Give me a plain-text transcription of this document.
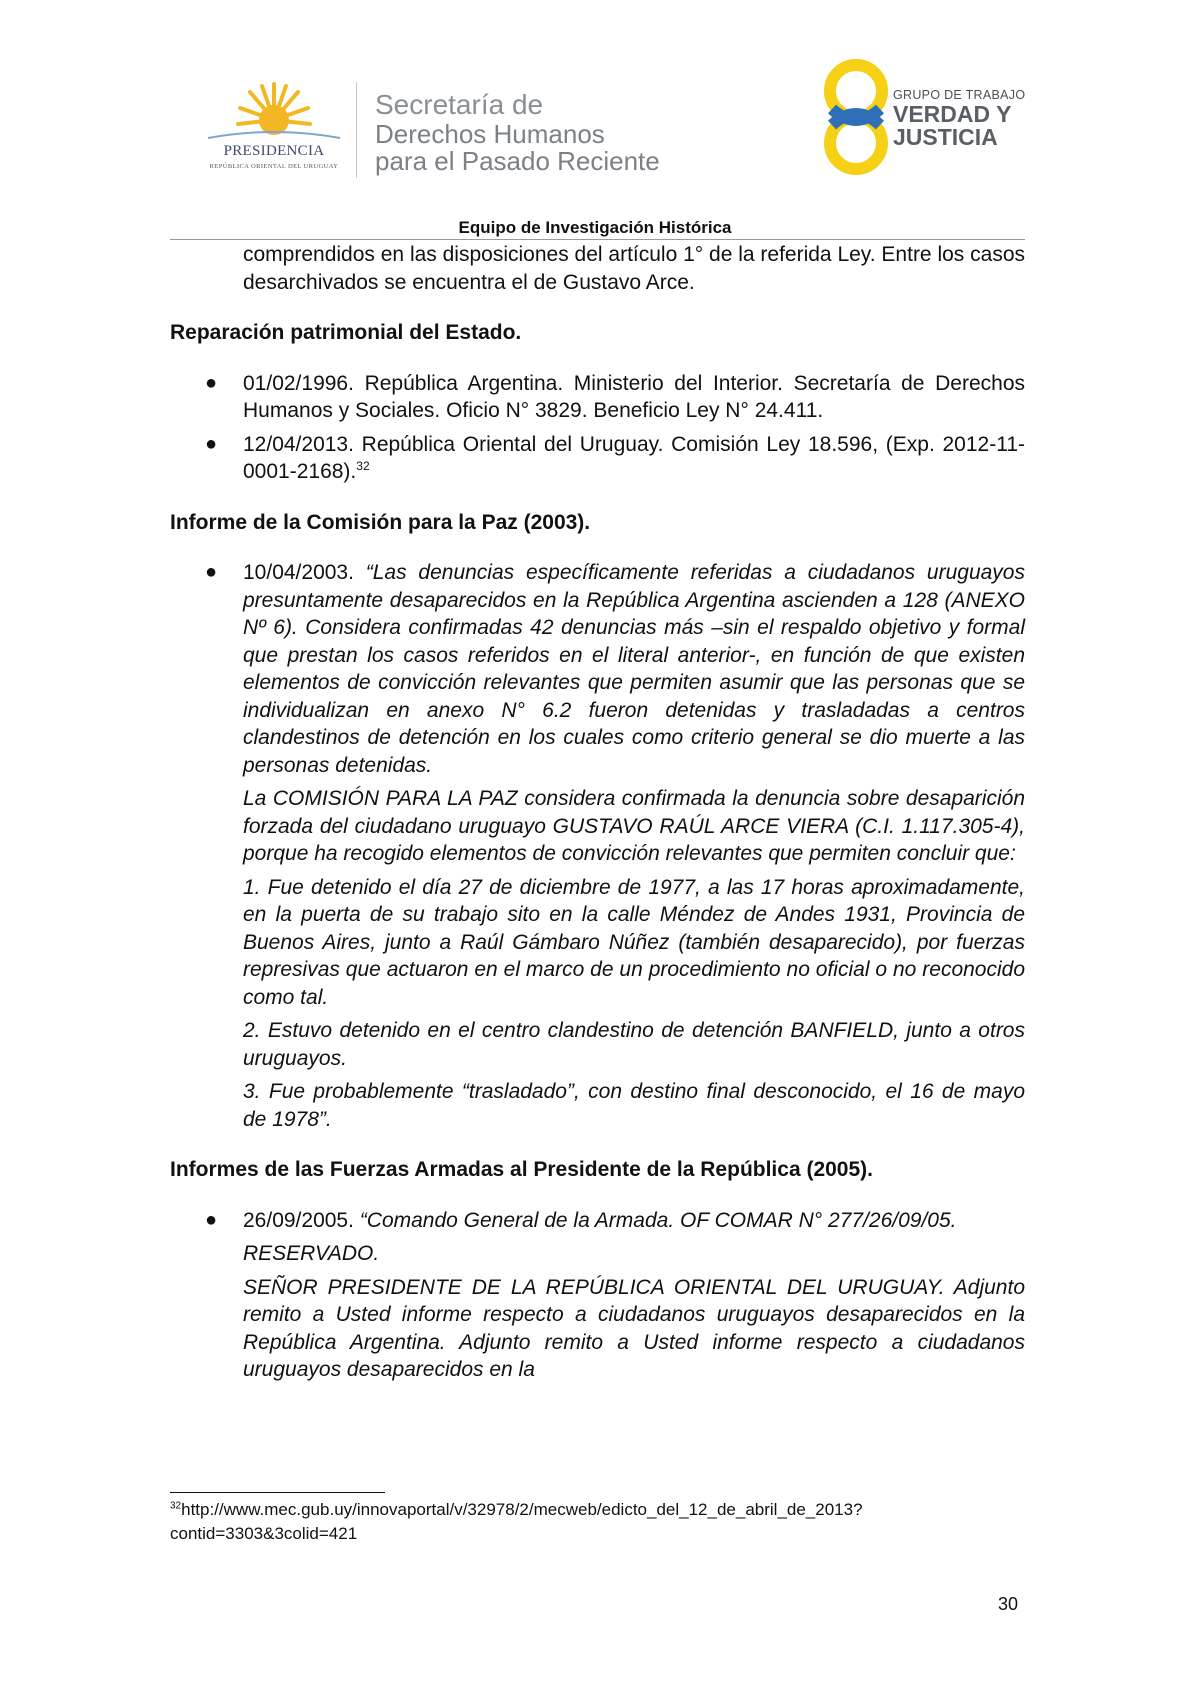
PRESIDENCIA
REPÚBLICA ORIENTAL DEL URUGUAY
Secretaría de
Derechos Humanos
para el Pasado Reciente
GRUPO DE TRABAJO
VERDAD Y
JUSTICIA
Equipo de Investigación Histórica

comprendidos en las disposiciones del artículo 1° de la referida Ley. Entre los casos desarchivados se encuentra el de Gustavo Arce.

Reparación patrimonial del Estado.
● 01/02/1996. República Argentina. Ministerio del Interior. Secretaría de Derechos Humanos y Sociales. Oficio N° 3829. Beneficio Ley N° 24.411.
● 12/04/2013. República Oriental del Uruguay. Comisión Ley 18.596, (Exp. 2012-11-0001-2168).$^{32}$
Informe de la Comisión para la Paz (2003).
● 10/04/2003. “Las denuncias específicamente referidas a ciudadanos uruguayos presuntamente desaparecidos en la República Argentina ascienden a 128 (ANEXO Nº 6). Considera confirmadas 42 denuncias más –sin el respaldo objetivo y formal que prestan los casos referidos en el literal anterior-, en función de que existen elementos de convicción relevantes que permiten asumir que las personas que se individualizan en anexo N° 6.2 fueron detenidas y trasladadas a centros clandestinos de detención en los cuales como criterio general se dio muerte a las personas detenidas.

La COMISIÓN PARA LA PAZ considera confirmada la denuncia sobre desaparición forzada del ciudadano uruguayo GUSTAVO RAÚL ARCE VIERA (C.I. 1.117.305-4), porque ha recogido elementos de convicción relevantes que permiten concluir que:

1. Fue detenido el día 27 de diciembre de 1977, a las 17 horas aproximadamente, en la puerta de su trabajo sito en la calle Méndez de Andes 1931, Provincia de Buenos Aires, junto a Raúl Gámbaro Núñez (también desaparecido), por fuerzas represivas que actuaron en el marco de un procedimiento no oficial o no reconocido como tal.

2. Estuvo detenido en el centro clandestino de detención BANFIELD, junto a otros uruguayos.

3. Fue probablemente “trasladado”, con destino final desconocido, el 16 de mayo de 1978”.

Informes de las Fuerzas Armadas al Presidente de la República (2005).
● 26/09/2005. “Comando General de la Armada. OF COMAR N° 277/26/09/05.

RESERVADO.

SEÑOR PRESIDENTE DE LA REPÚBLICA ORIENTAL DEL URUGUAY. Adjunto remito a Usted informe respecto a ciudadanos uruguayos desaparecidos en la República Argentina. Adjunto remito a Usted informe respecto a ciudadanos uruguayos desaparecidos en la

$^{32}$http://www.mec.gub.uy/innovaportal/v/32978/2/mecweb/edicto_del_12_de_abril_de_2013? contid=3303&3colid=421
30
